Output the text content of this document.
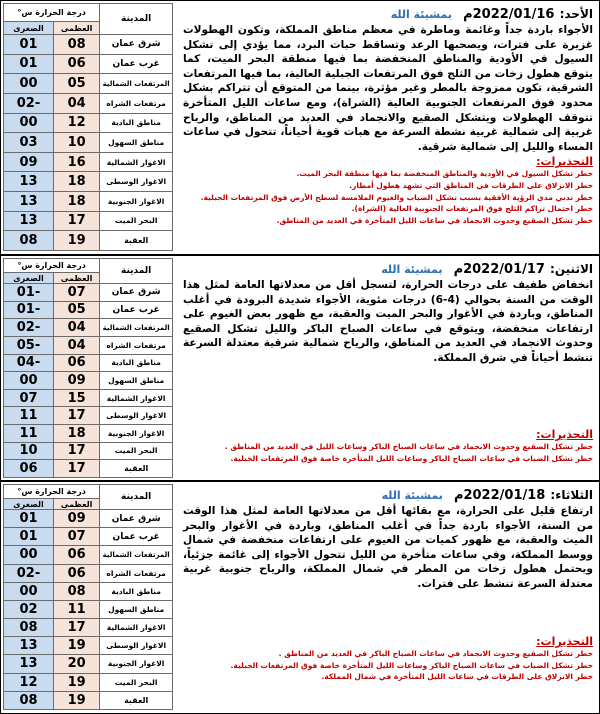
المدينة	درجة الحرارة س°	
	العظمى	الصغرى
شرق عمان	08	01
غرب عمان	06	01
المرتفعات الشمالية	05	00
مرتفعات الشراه	04	-02
مناطق البادية	12	00
مناطق السهول	10	03
الاغوار الشمالية	16	09
الاغوار الوسطى	18	13
الاغوار الجنوبية	18	13
البحر الميت	17	13
العقبة	19	08
الأحد: 2022/01/16م بمشيئة الله
الأجواء باردة جداً وغائمة وماطرة في معظم مناطق المملكة، وتكون الهطولات غزيرة على فترات، ويصحبها الرعد وتساقط حبات البرد، مما يؤدي إلى تشكل السيول في الأودية والمناطق المنخفضة بما فيها منطقة البحر الميت، كما يتوقع هطول زخات من الثلج فوق المرتفعات الجبلية العالية، بما فيها المرتفعات الشرقية، تكون ممزوجة بالمطر وغير مؤثرة، بينما من المتوقع أن تتراكم بشكل محدود فوق المرتفعات الجنوبية العالية (الشراة)، ومع ساعات الليل المتأخرة تتوقف الهطولات ويتشكل الصقيع والانجماد في العديد من المناطق، والرياح غربية إلى شمالية غربية نشطة السرعة مع هبات قوية أحياناً، تتحول في ساعات المساء والليل إلى شمالية شرقية.
التحذيرات:
خطر تشكل السيول في الأودية والمناطق المنخفضة بما فيها منطقة البحر الميت.
خطر الانزلاق على الطرقات في المناطق التي تشهد هطول أمطار.
خطر تدني مدى الرؤية الأفقية بسبب تشكل الضباب والغيوم الملامسة لسطح الأرض فوق المرتفعات الجبلية.
خطر احتمال تراكم الثلج فوق المرتفعات الجنوبية العالية (الشراة).
خطر تشكل الصقيع وحدوث الانجماد في ساعات الليل المتأخرة في العديد من المناطق.
المدينة	درجة الحرارة س°	
	العظمى	الصغرى
شرق عمان	07	-01
غرب عمان	05	-01
المرتفعات الشمالية	04	-02
مرتفعات الشراه	04	-05
مناطق البادية	06	-04
مناطق السهول	09	00
الاغوار الشمالية	15	07
الاغوار الوسطى	17	11
الاغوار الجنوبية	18	11
البحر الميت	17	10
العقبة	17	06
الاثنين: 2022/01/17م بمشيئة الله
انخفاض طفيف على درجات الحرارة، لتسجل أقل من معدلاتها العامة لمثل هذا الوقت من السنة بحوالي (4-6) درجات مئوية، الأجواء شديدة البرودة في أغلب المناطق، وباردة في الأغوار والبحر الميت والعقبة، مع ظهور بعض الغيوم على ارتفاعات منخفضة، ويتوقع في ساعات الصباح الباكر والليل تشكل الصقيع وحدوث الانجماد في العديد من المناطق، والرياح شمالية شرقية معتدلة السرعة تنشط أحياناً في شرق المملكة.
التحذيرات:
خطر تشكل الصقيع وحدوث الانجماد في ساعات الصباح الباكر وساعات الليل في العديد من المناطق .
خطر تشكل الضباب في ساعات الصباح الباكر وساعات الليل المتأخرة خاصة فوق المرتفعات الجبلية.
المدينة	درجة الحرارة س°	
	العظمى	الصغرى
شرق عمان	09	01
غرب عمان	07	01
المرتفعات الشمالية	06	00
مرتفعات الشراه	06	-02
مناطق البادية	08	00
مناطق السهول	11	02
الاغوار الشمالية	17	08
الاغوار الوسطى	19	13
الاغوار الجنوبية	20	13
البحر الميت	19	12
العقبة	19	08
الثلاثاء: 2022/01/18م بمشيئة الله
ارتفاع قليل على الحرارة، مع بقائها أقل من معدلاتها العامة لمثل هذا الوقت من السنة، الأجواء باردة جداً في أغلب المناطق، وباردة في الأغوار والبحر الميت والعقبة، مع ظهور كميات من الغيوم على ارتفاعات منخفضة في شمال ووسط المملكة، وفي ساعات متأخرة من الليل تتحول الأجواء إلى غائمة جزئياً، ويحتمل هطول زخات من المطر في شمال المملكة، والرياح جنوبية غربية معتدلة السرعة تنشط على فترات.
التحذيرات:
خطر تشكل الصقيع وحدوث الانجماد في ساعات الصباح الباكر في العديد من المناطق .
خطر تشكل الضباب في ساعات الصباح الباكر وساعات الليل المتأخرة خاصة فوق المرتفعات الجبلية.
خطر الانزلاق على الطرقات في ساعات الليل المتأخرة في شمال المملكة.
